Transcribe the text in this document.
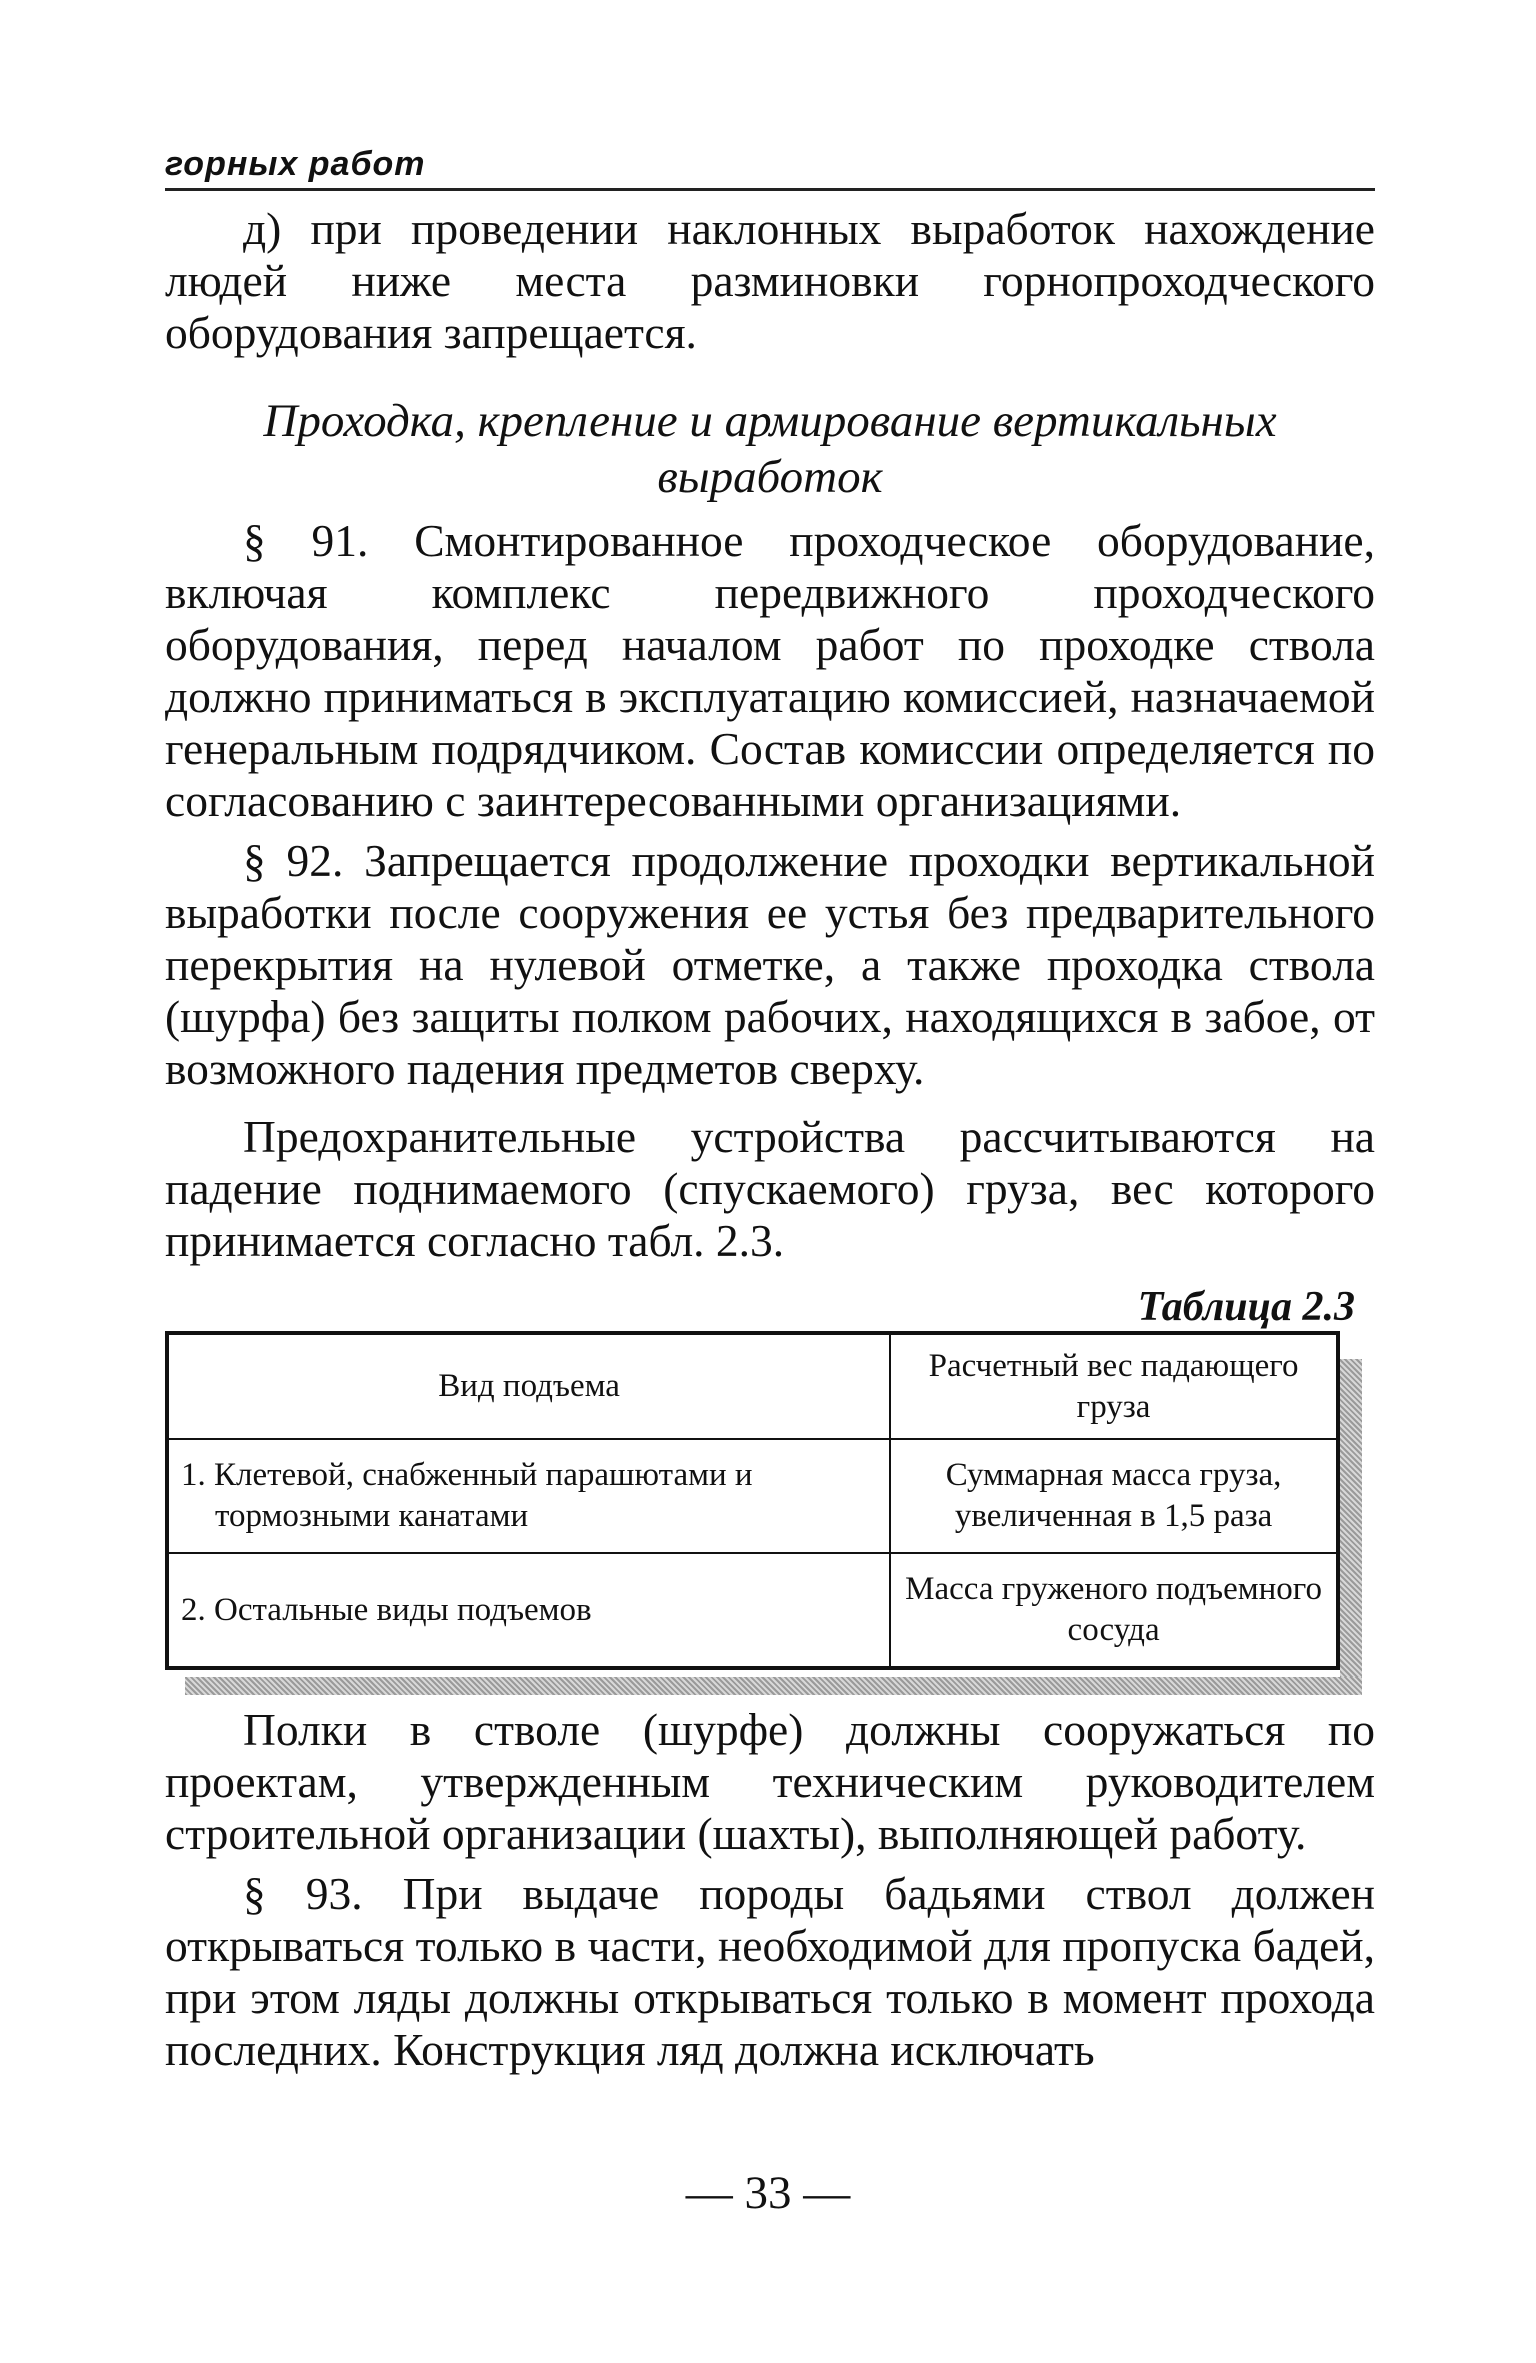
горных работ

д) при проведении наклонных выработок нахождение людей ниже места разминовки горнопроходческого оборудования запрещается.

Проходка, крепление и армирование вертикальных выработок

§ 91. Смонтированное проходческое оборудование, включая комплекс передвижного проходческого оборудования, перед началом работ по проходке ствола должно приниматься в эксплуатацию комиссией, назначаемой генеральным подрядчиком. Состав комиссии определяется по согласованию с заинтересованными организациями.

§ 92. Запрещается продолжение проходки вертикальной выработки после сооружения ее устья без предварительного перекрытия на нулевой отметке, а также проходка ствола (шурфа) без защиты полком рабочих, находящихся в забое, от возможного падения предметов сверху.

Предохранительные устройства рассчитываются на падение поднимаемого (спускаемого) груза, вес которого принимается согласно табл. 2.3.

Таблица 2.3
Вид подъема	Расчетный вес падающего груза
1. Клетевой, снабженный парашютами и тормозными канатами	Суммарная масса груза, увеличенная в 1,5 раза
2. Остальные виды подъемов	Масса груженого подъемного сосуда

Полки в стволе (шурфе) должны сооружаться по проектам, утвержденным техническим руководителем строительной организации (шахты), выполняющей работу.

§ 93. При выдаче породы бадьями ствол должен открываться только в части, необходимой для пропуска бадей, при этом ляды должны открываться только в момент прохода последних. Конструкция ляд должна исключать

— 33 —
